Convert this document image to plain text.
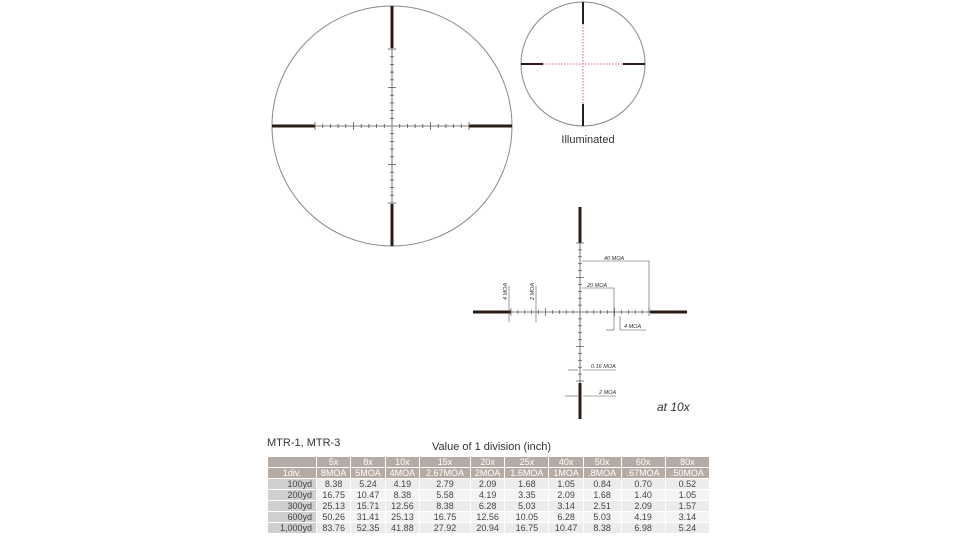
40 MOA
20 MOA
4 MOA
0.16 MOA
2 MOA
4 MOA	2 MOA
Illuminated
at 10x
MTR-1, MTR-3	Value of 1 division (inch)
	5x	8x	10x	15x	20x	25x	40x	50x	60x	80x
1div.	8MOA	5MOA	4MOA	2.67MOA	2MOA	1.6MOA	1MOA	.8MOA	.67MOA	.50MOA
100yd	8.38	5.24	4.19	2.79	2.09	1.68	1.05	0.84	0.70	0.52
200yd	16.75	10.47	8.38	5.58	4.19	3.35	2.09	1.68	1.40	1.05
300yd	25.13	15.71	12.56	8.38	6.28	5.03	3.14	2.51	2.09	1.57
600yd	50.26	31.41	25.13	16.75	12.56	10.05	6.28	5.03	4.19	3.14
1,000yd	83.76	52.35	41.88	27.92	20.94	16.75	10.47	8.38	6.98	5.24
